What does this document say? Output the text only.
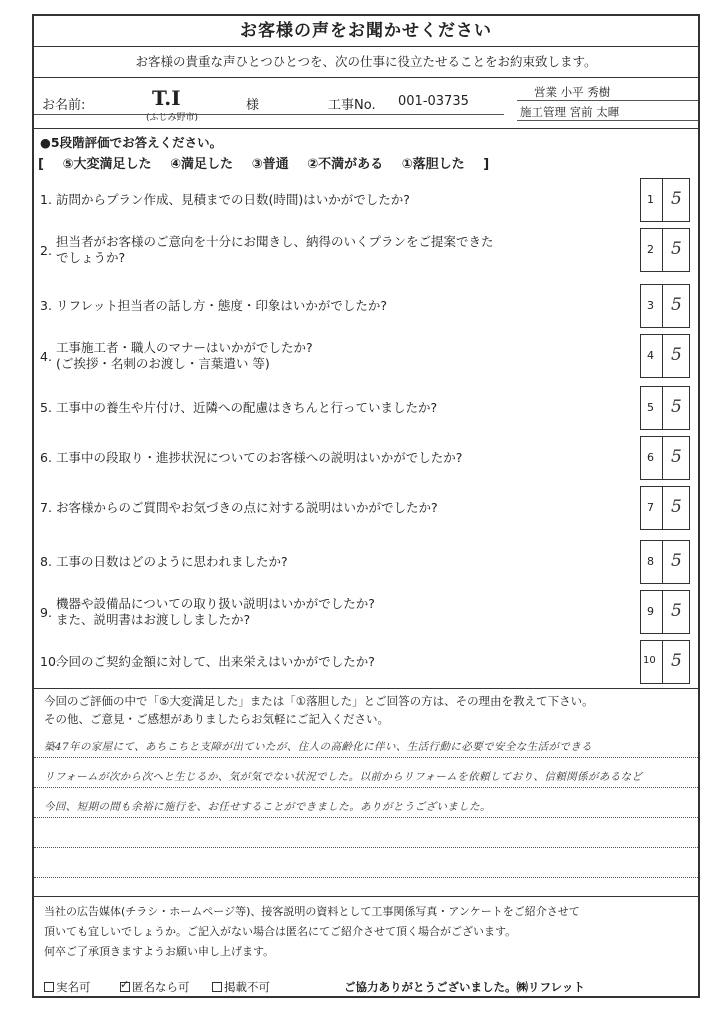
お客様の声をお聞かせください
お客様の貴重な声ひとつひとつを、次の仕事に役立たせることをお約束致します。
お名前:	T.I
(ふじみ野市)
様	工事No. 001-03735
営業 小平 秀樹
施工管理 宮前 太暉
●5段階評価でお答えください。
[ ⑤大変満足した ④満足した ③普通 ②不満がある ①落胆した ]
今回のご評価の中で「⑤大変満足した」または「①落胆した」とご回答の方は、その理由を教えて下さい。
その他、ご意見・ご感想がありましたらお気軽にご記入ください。
築47年の家屋にて、あちこちと支障が出ていたが、住人の高齢化に伴い、生活行動に必要で安全な生活ができる
リフォームが次から次へと生じるか、気が気でない状況でした。以前からリフォームを依頼しており、信頼関係があるなど
今回、短期の間も余裕に施行を、お任せすることができました。ありがとうございました。
当社の広告媒体(チラシ・ホームページ等)、接客説明の資料として工事関係写真・アンケートをご紹介させて
頂いても宜しいでしょうか。ご記入がない場合は匿名にてご紹介させて頂く場合がございます。
何卒ご了承頂きますようお願い申し上げます。
実名可
✓	匿名なら可	掲載不可	ご協力ありがとうございました。㈱リフレット
1. 訪問からプラン作成、見積までの日数(時間)はいかがでしたか?	1 5
2.
担当者がお客様のご意向を十分にお聞きし、納得のいくプランをご提案できた
でしょうか?
2 5
3. リフレット担当者の話し方・態度・印象はいかがでしたか?	3 5
4.
工事施工者・職人のマナーはいかがでしたか?
(ご挨拶・名刺のお渡し・言葉遣い 等)
4 5
5. 工事中の養生や片付け、近隣への配慮はきちんと行っていましたか?	5 5
6. 工事中の段取り・進捗状況についてのお客様への説明はいかがでしたか?	6 5
7. お客様からのご質問やお気づきの点に対する説明はいかがでしたか?	7 5
8. 工事の日数はどのように思われましたか?	8 5
9.
機器や設備品についての取り扱い説明はいかがでしたか?
また、説明書はお渡ししましたか?
9 5
10.
今回のご契約金額に対して、出来栄えはいかがでしたか?	10 5
